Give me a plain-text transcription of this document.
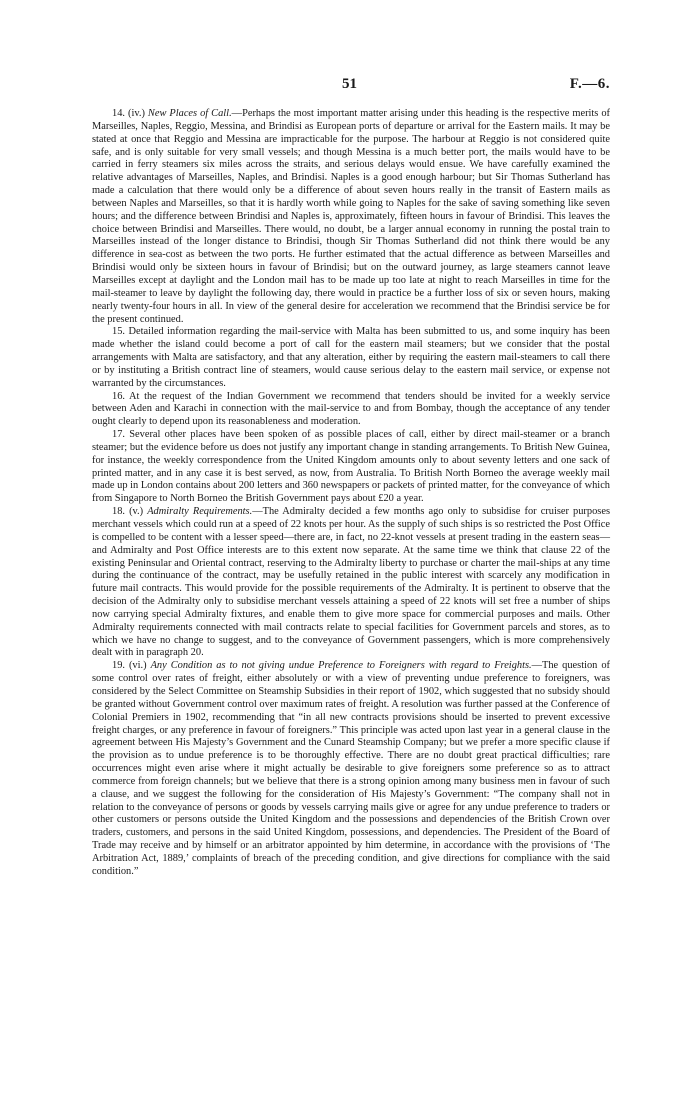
51	F.—6.

14. (iv.) New Places of Call.—Perhaps the most important matter arising under this heading is the respective merits of Marseilles, Naples, Reggio, Messina, and Brindisi as European ports of departure or arrival for the Eastern mails. It may be stated at once that Reggio and Messina are impracticable for the purpose. The harbour at Reggio is not considered quite safe, and is only suitable for very small vessels; and though Messina is a much better port, the mails would have to be carried in ferry steamers six miles across the straits, and serious delays would ensue. We have carefully examined the relative advantages of Marseilles, Naples, and Brindisi. Naples is a good enough harbour; but Sir Thomas Sutherland has made a calculation that there would only be a difference of about seven hours really in the transit of Eastern mails as between Naples and Marseilles, so that it is hardly worth while going to Naples for the sake of saving something like seven hours; and the difference between Brindisi and Naples is, approximately, fifteen hours in favour of Brindisi. This leaves the choice between Brindisi and Marseilles. There would, no doubt, be a larger annual economy in running the postal train to Marseilles instead of the longer distance to Brindisi, though Sir Thomas Sutherland did not think there would be any difference in sea-cost as between the two ports. He further estimated that the actual difference as between Marseilles and Brindisi would only be sixteen hours in favour of Brindisi; but on the outward journey, as large steamers cannot leave Marseilles except at daylight and the London mail has to be made up too late at night to reach Marseilles in time for the mail-steamer to leave by daylight the following day, there would in practice be a further loss of six or seven hours, making nearly twenty-four hours in all. In view of the general desire for acceleration we recommend that the Brindisi service be for the present continued.

15. Detailed information regarding the mail-service with Malta has been submitted to us, and some inquiry has been made whether the island could become a port of call for the eastern mail steamers; but we consider that the postal arrangements with Malta are satisfactory, and that any alteration, either by requiring the eastern mail-steamers to call there or by instituting a British contract line of steamers, would cause serious delay to the eastern mail service, or expense not warranted by the circumstances.

16. At the request of the Indian Government we recommend that tenders should be invited for a weekly service between Aden and Karachi in connection with the mail-service to and from Bombay, though the acceptance of any tender ought clearly to depend upon its reasonableness and moderation.

17. Several other places have been spoken of as possible places of call, either by direct mail-steamer or a branch steamer; but the evidence before us does not justify any important change in standing arrangements. To British New Guinea, for instance, the weekly correspondence from the United Kingdom amounts only to about seventy letters and one sack of printed matter, and in any case it is best served, as now, from Australia. To British North Borneo the average weekly mail made up in London contains about 200 letters and 360 newspapers or packets of printed matter, for the conveyance of which from Singapore to North Borneo the British Government pays about £20 a year.

18. (v.) Admiralty Requirements.—The Admiralty decided a few months ago only to subsidise for cruiser purposes merchant vessels which could run at a speed of 22 knots per hour. As the supply of such ships is so restricted the Post Office is compelled to be content with a lesser speed—there are, in fact, no 22-knot vessels at present trading in the eastern seas—and Admiralty and Post Office interests are to this extent now separate. At the same time we think that clause 22 of the existing Peninsular and Oriental contract, reserving to the Admiralty liberty to purchase or charter the mail-ships at any time during the continuance of the contract, may be usefully retained in the public interest with scarcely any modification in future mail contracts. This would provide for the possible requirements of the Admiralty. It is pertinent to observe that the decision of the Admiralty only to subsidise merchant vessels attaining a speed of 22 knots will set free a number of ships now carrying special Admiralty fixtures, and enable them to give more space for commercial purposes and mails. Other Admiralty requirements connected with mail contracts relate to special facilities for Government parcels and stores, as to which we have no change to suggest, and to the conveyance of Government passengers, which is more comprehensively dealt with in paragraph 20.

19. (vi.) Any Condition as to not giving undue Preference to Foreigners with regard to Freights.—The question of some control over rates of freight, either absolutely or with a view of preventing undue preference to foreigners, was considered by the Select Committee on Steamship Subsidies in their report of 1902, which suggested that no subsidy should be granted without Government control over maximum rates of freight. A resolution was further passed at the Conference of Colonial Premiers in 1902, recommending that “in all new contracts provisions should be inserted to prevent excessive freight charges, or any preference in favour of foreigners.” This principle was acted upon last year in a general clause in the agreement between His Majesty’s Government and the Cunard Steamship Company; but we prefer a more specific clause if the provision as to undue preference is to be thoroughly effective. There are no doubt great practical difficulties; rare occurrences might even arise where it might actually be desirable to give foreigners some preference so as to attract commerce from foreign channels; but we believe that there is a strong opinion among many business men in favour of such a clause, and we suggest the following for the consideration of His Majesty’s Government: “The company shall not in relation to the conveyance of persons or goods by vessels carrying mails give or agree for any undue preference to traders or other customers or persons outside the United Kingdom and the possessions and dependencies of the British Crown over traders, customers, and persons in the said United Kingdom, possessions, and dependencies. The President of the Board of Trade may receive and by himself or an arbitrator appointed by him determine, in accordance with the provisions of ‘The Arbitration Act, 1889,’ complaints of breach of the preceding condition, and give directions for compliance with the said condition.”
